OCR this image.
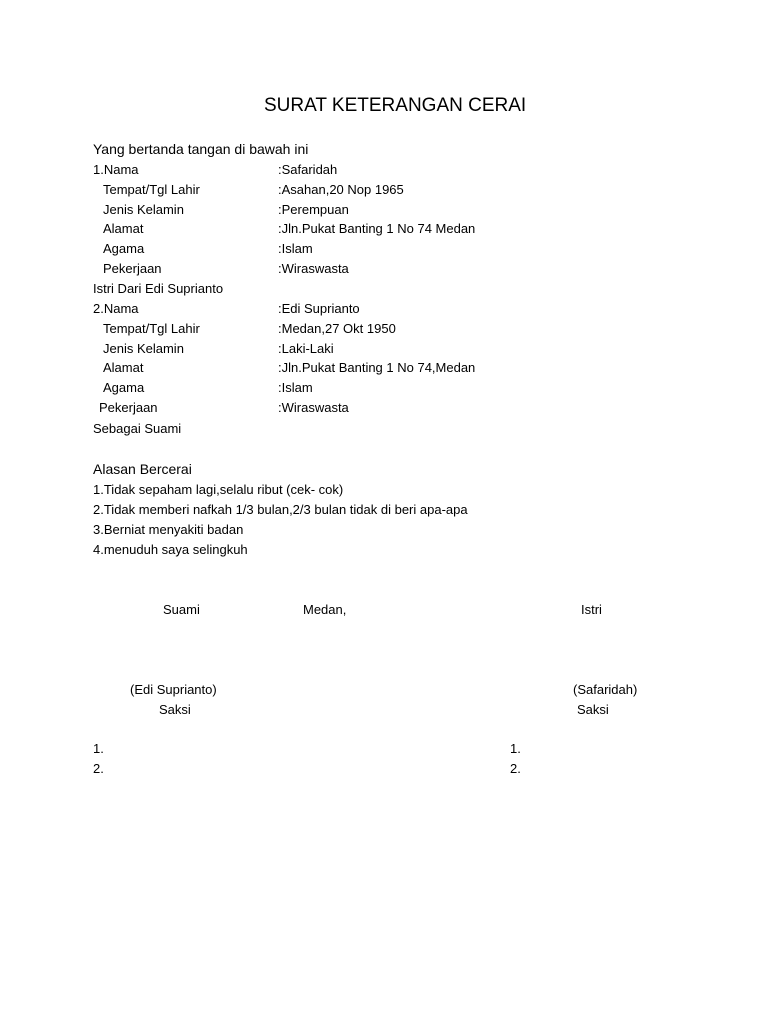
SURAT KETERANGAN CERAI
Yang bertanda tangan di bawah ini
1.Nama	:Safaridah
Tempat/Tgl Lahir	:Asahan,20 Nop 1965
Jenis Kelamin	:Perempuan
Alamat	:Jln.Pukat Banting 1 No 74 Medan
Agama	:Islam
Pekerjaan	:Wiraswasta
Istri Dari Edi Suprianto
2.Nama	:Edi Suprianto
Tempat/Tgl Lahir	:Medan,27 Okt 1950
Jenis Kelamin	:Laki-Laki
Alamat	:Jln.Pukat Banting 1 No 74,Medan
Agama	:Islam
Pekerjaan	:Wiraswasta
Sebagai Suami
Alasan Bercerai
1.Tidak sepaham lagi,selalu ribut (cek- cok)
2.Tidak memberi nafkah 1/3 bulan,2/3 bulan tidak di beri apa-apa
3.Berniat menyakiti badan
4.menuduh saya selingkuh
Suami	Medan,	Istri
(Edi Suprianto)	(Safaridah)
Saksi	Saksi
1.
2.
1.
2.
